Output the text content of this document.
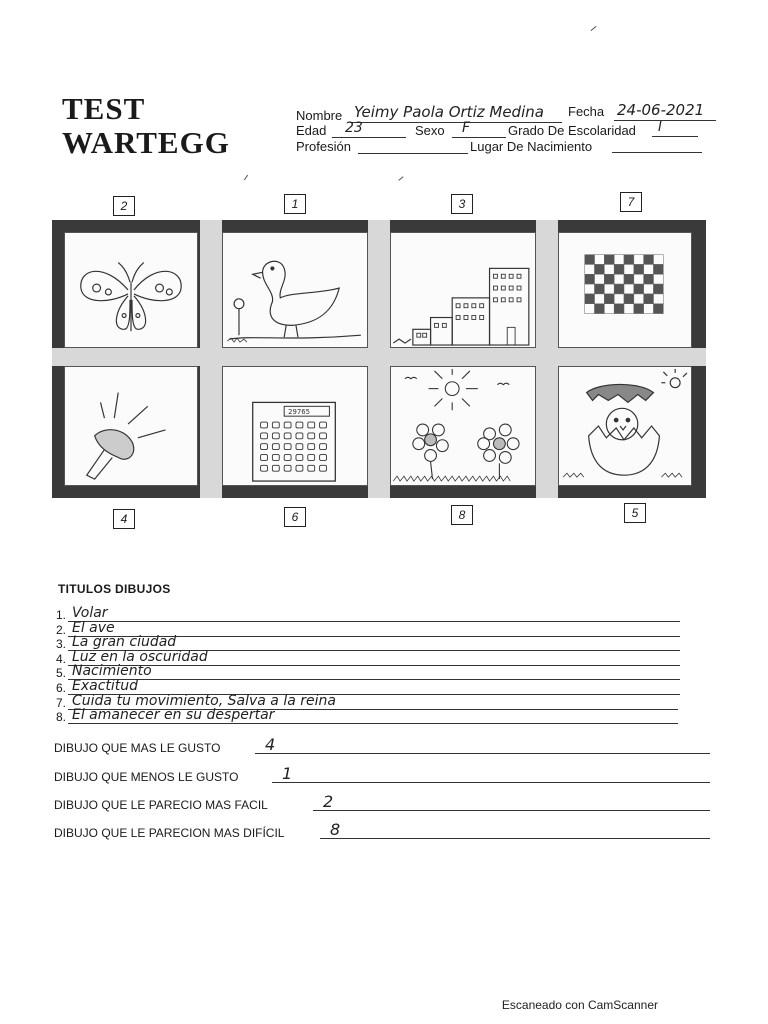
TEST
WARTEGG
Nombre Yeimy Paola Ortiz Medina Fecha 24-06-2021
Edad 23	Sexo F	Grado De Escolaridad I
Profesión	Lugar De Nacimiento
2	1	3	7
29765
4	6	8	5
TITULOS DIBUJOS
1. Volar
2. El ave
3. La gran ciudad
4. Luz en la oscuridad
5. Nacimiento
6. Exactitud
7. Cuida tu movimiento, Salva a la reina
8. El amanecer en su despertar
DIBUJO QUE MAS LE GUSTO	4
DIBUJO QUE MENOS LE GUSTO	1
DIBUJO QUE LE PARECIO MAS FACIL	2
DIBUJO QUE LE PARECION MAS DIFÍCIL	8
Escaneado con CamScanner
